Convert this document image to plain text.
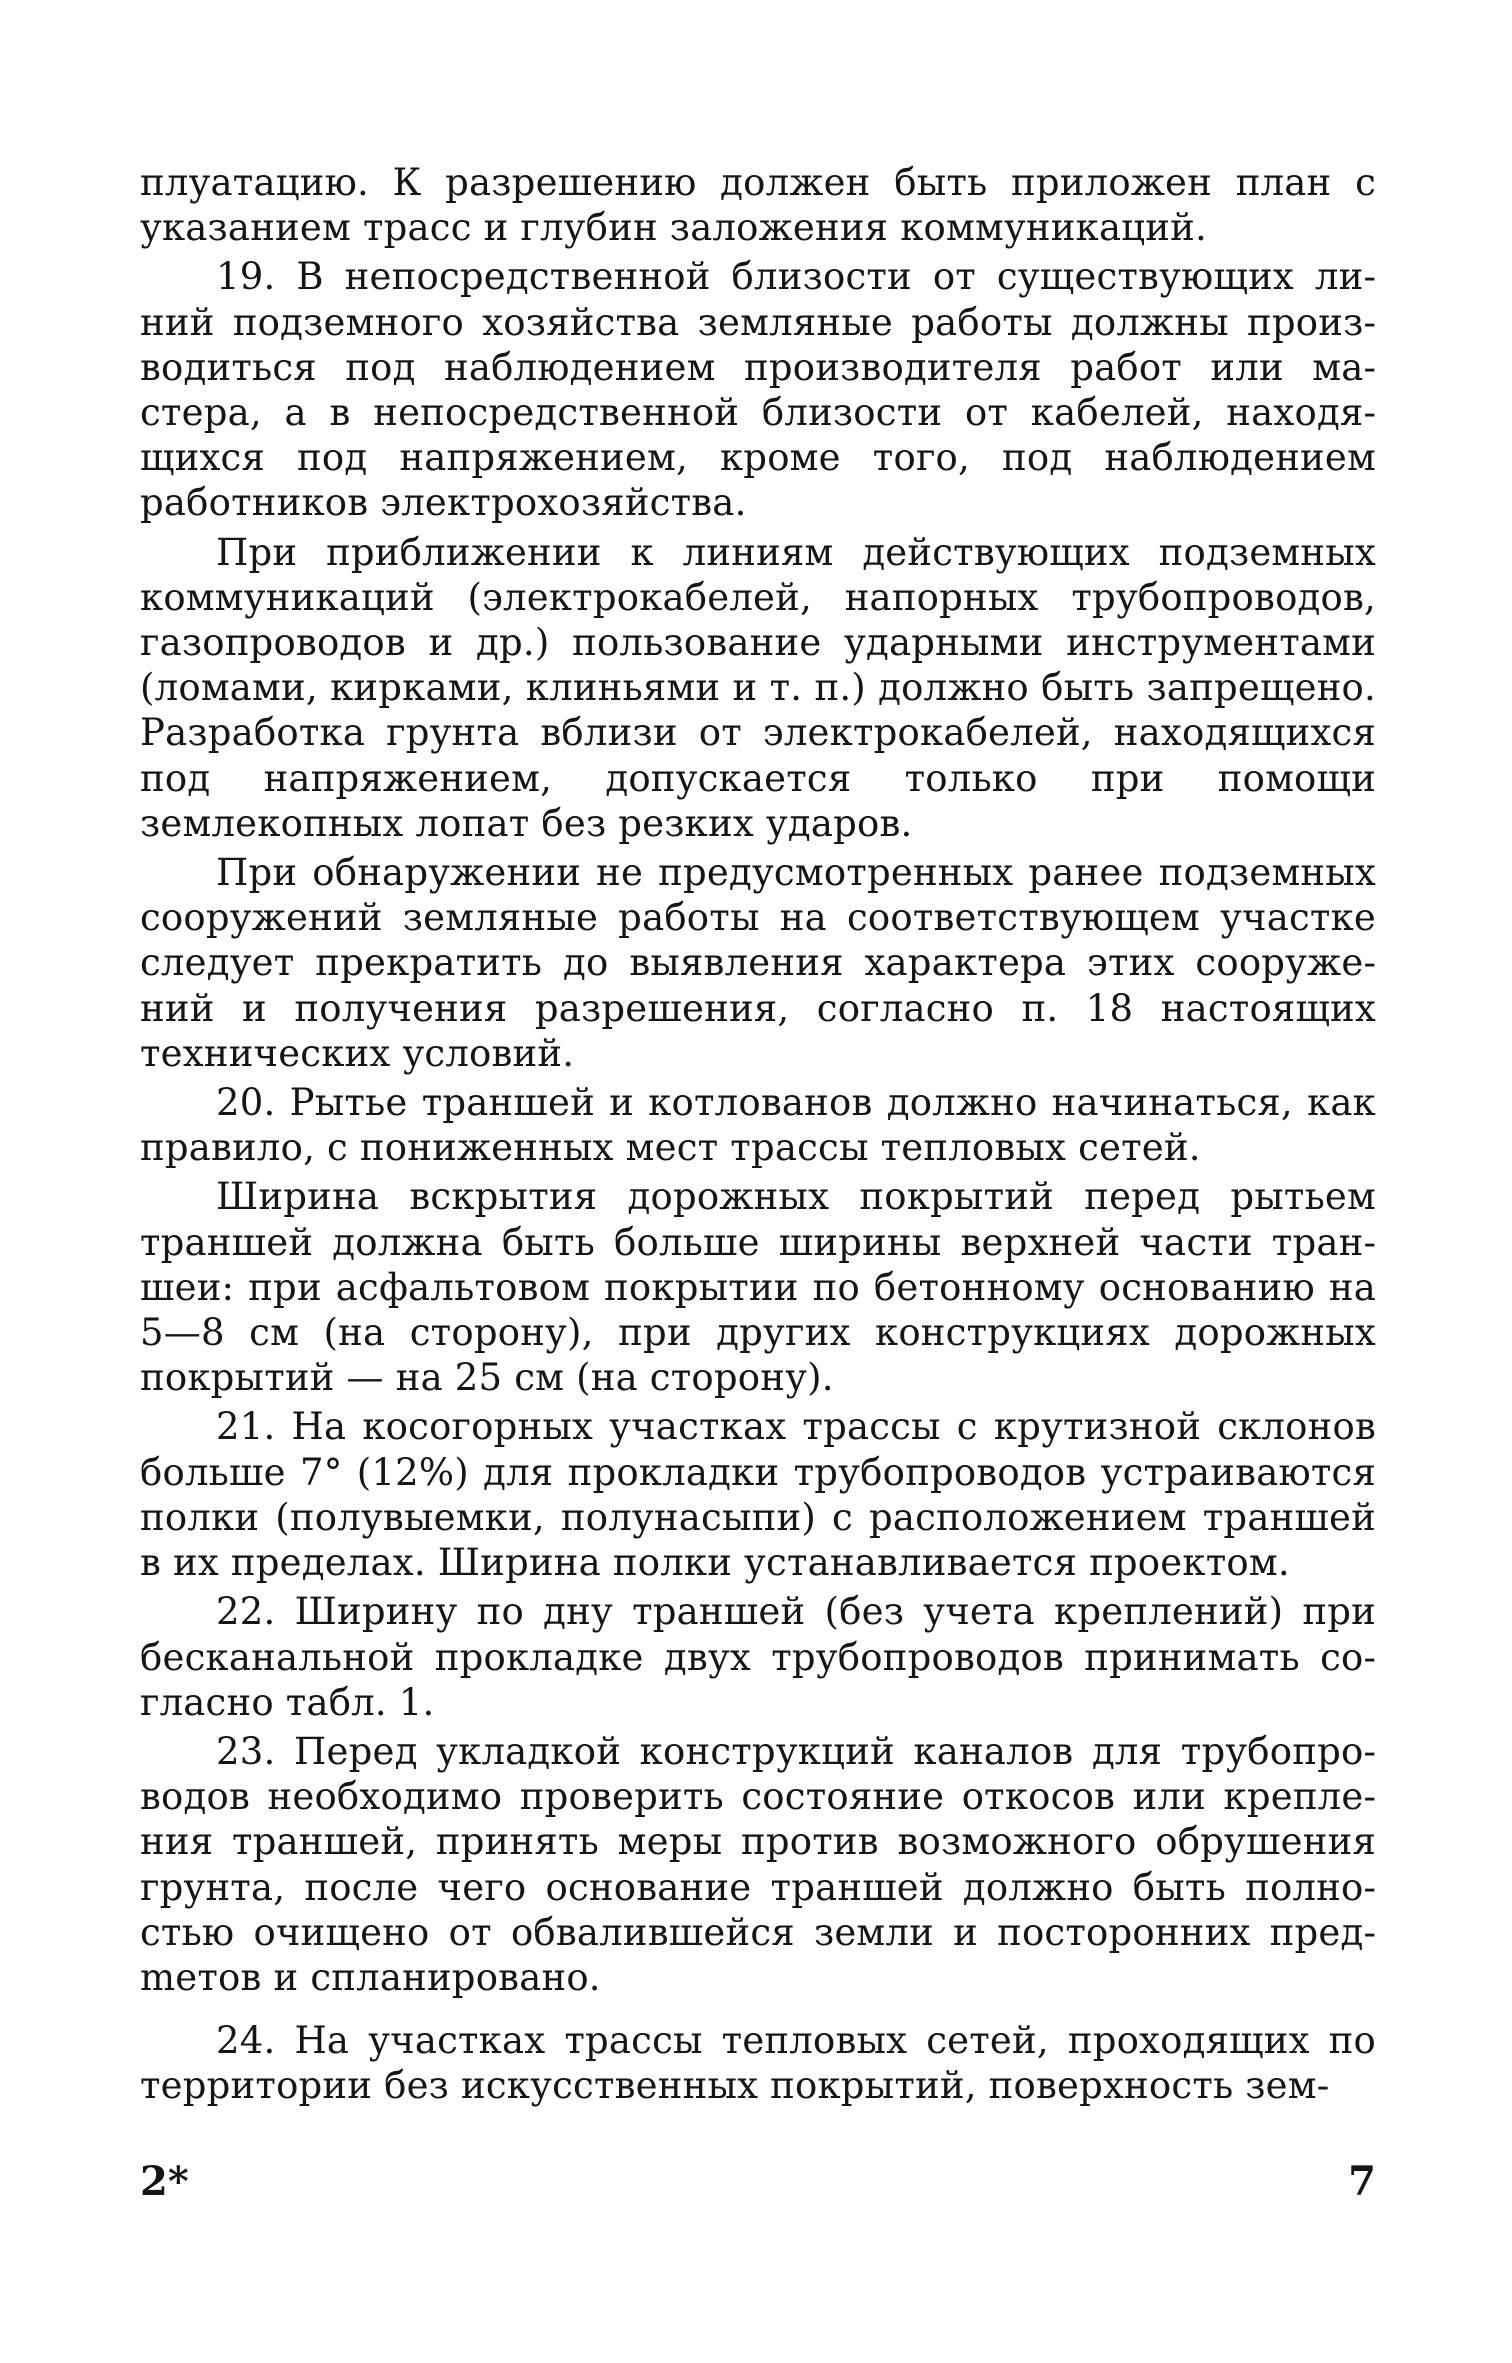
плуатацию. К разрешению должен быть приложен план с указанием трасс и глубин заложения коммуникаций.

19. В непосредственной близости от существующих линий подземного хозяйства земляные работы должны производиться под наблюдением производителя работ или мастера, а в непосредственной близости от кабелей, находящихся под напряжением, кроме того, под наблюдением работников электрохозяйства.

При приближении к линиям действующих подземных коммуникаций (электрокабелей, напорных трубопроводов, газопроводов и др.) пользование ударными инструментами (ломами, кирками, клиньями и т. п.) должно быть запрещено. Разработка грунта вблизи от электрокабелей, находящихся под напряжением, допускается только при помощи землекопных лопат без резких ударов.

При обнаружении не предусмотренных ранее подземных сооружений земляные работы на соответствующем участке следует прекратить до выявления характера этих сооружений и получения разрешения, согласно п. 18 настоящих технических условий.

20. Рытье траншей и котлованов должно начинаться, как правило, с пониженных мест трассы тепловых сетей.

Ширина вскрытия дорожных покрытий перед рытьем траншей должна быть больше ширины верхней части траншеи: при асфальтовом покрытии по бетонному основанию на 5—8 см (на сторону), при других конструкциях дорожных покрытий — на 25 см (на сторону).

21. На косогорных участках трассы с крутизной склонов больше 7° (12%) для прокладки трубопроводов устраиваются полки (полувыемки, полунасыпи) с расположением траншей в их пределах. Ширина полки устанавливается проектом.

22. Ширину по дну траншей (без учета креплений) при бесканальной прокладке двух трубопроводов принимать согласно табл. 1.

23. Перед укладкой конструкций каналов для трубопроводов необходимо проверить состояние откосов или крепления траншей, принять меры против возможного обрушения грунта, после чего основание траншей должно быть полностью очищено от обвалившейся земли и посторонних предmетов и спланировано.

24. На участках трассы тепловых сетей, проходящих по территории без искусственных покрытий, поверхность зем-

2*	7
